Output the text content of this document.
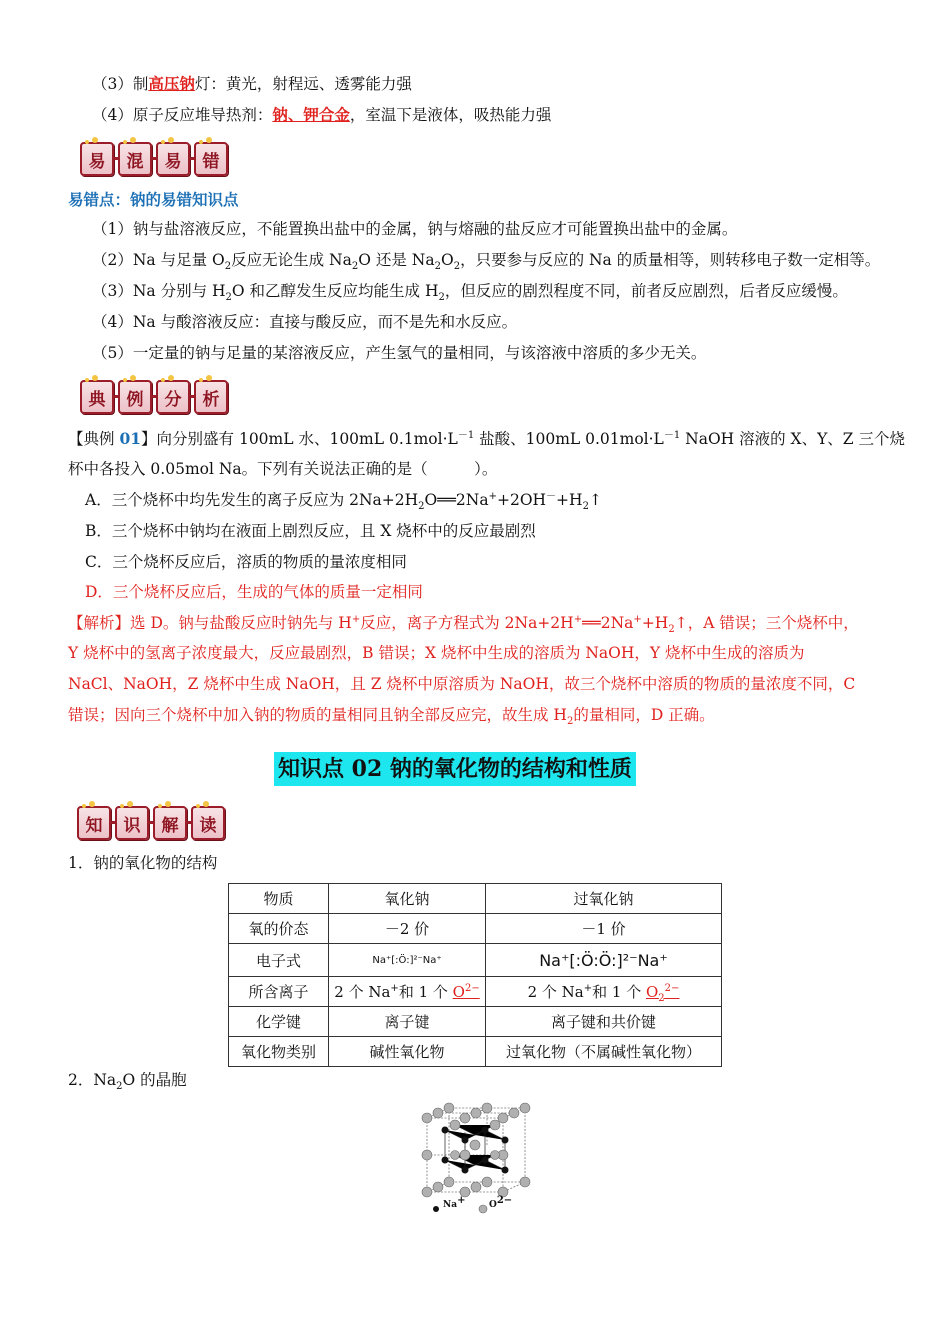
（3）制高压钠灯：黄光，射程远、透雾能力强
（4）原子反应堆导热剂：钠、钾合金，室温下是液体，吸热能力强
易	混	易	错
易错点：钠的易错知识点
（1）钠与盐溶液反应，不能置换出盐中的金属，钠与熔融的盐反应才可能置换出盐中的金属。
（2）Na 与足量 $O_2$反应无论生成 $Na_2O$ 还是 $Na_2O_2$，只要参与反应的 Na 的质量相等，则转移电子数一定相等。
（3）Na 分别与 $H_2O$ 和乙醇发生反应均能生成 $H_2$，但反应的剧烈程度不同，前者反应剧烈，后者反应缓慢。
（4）Na 与酸溶液反应：直接与酸反应，而不是先和水反应。
（5）一定量的钠与足量的某溶液反应，产生氢气的量相同，与该溶液中溶质的多少无关。
典	例	分	析
【典例 01】向分别盛有 100mL 水、100mL $0.1mol\cdot L^{-1}$ 盐酸、100mL $0.01mol\cdot L^{-1}$ NaOH 溶液的 X、Y、Z 三个烧
杯中各投入 0.05mol Na。下列有关说法正确的是（　　　）。
A．三个烧杯中均先发生的离子反应为 $2Na+2H_2O══2Na^++2OH^-+H_2↑$
B．三个烧杯中钠均在液面上剧烈反应，且 X 烧杯中的反应最剧烈
C．三个烧杯反应后，溶质的物质的量浓度相同
D．三个烧杯反应后，生成的气体的质量一定相同
【解析】选 D。钠与盐酸反应时钠先与 H+反应，离子方程式为 $2Na+2H^+══2Na^++H_2↑$，A 错误；三个烧杯中，
Y 烧杯中的氢离子浓度最大，反应最剧烈，B 错误；X 烧杯中生成的溶质为 NaOH，Y 烧杯中生成的溶质为
NaCl、NaOH，Z 烧杯中生成 NaOH，且 Z 烧杯中原溶质为 NaOH，故三个烧杯中溶质的物质的量浓度不同，C
错误；因向三个烧杯中加入钠的物质的量相同且钠全部反应完，故生成 $H_2$的量相同，D 正确。
知识点 02 钠的氧化物的结构和性质
知	识	解	读
1．钠的氧化物的结构
物质	氧化钠	过氧化钠
氧的价态	－2 价	－1 价
电子式	Na⁺[:Ö:]²⁻Na⁺	Na⁺[:Ö:Ö:]²⁻Na⁺
所含离子	2 个 Na+和 1 个 $O^{2-}$	2 个 Na+和 1 个 $O_2^{2-}$
化学键	离子键	离子键和共价键
氧化物类别	碱性氧化物	过氧化物（不属碱性氧化物）
2．$Na_2O$ 的晶胞
Na+	$O^{2-}$
